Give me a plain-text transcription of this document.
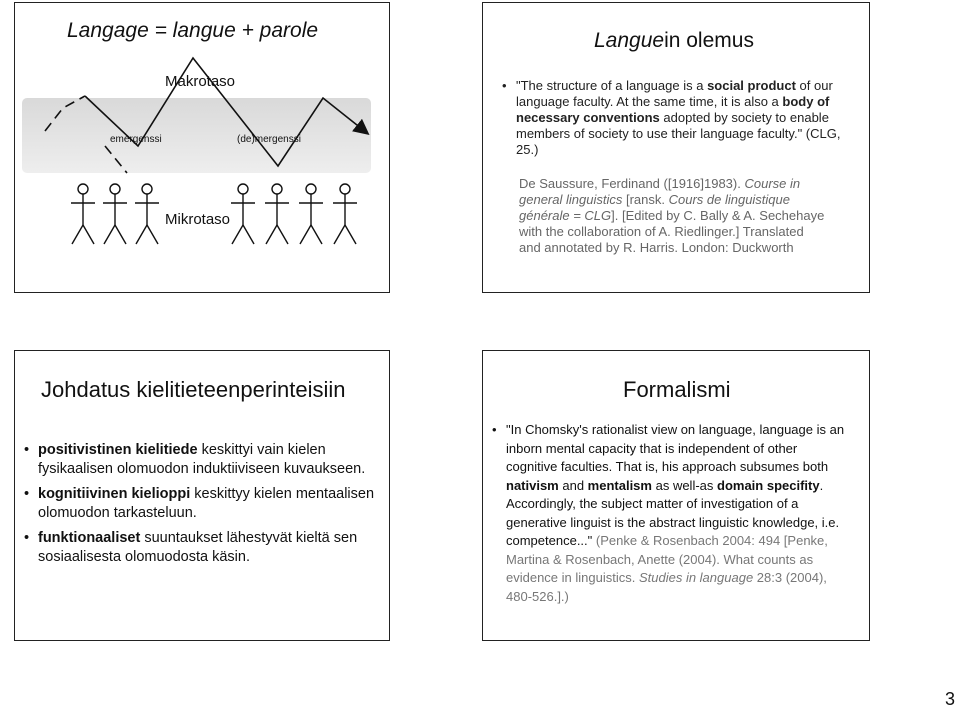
Langage = langue + parole
Makrotaso
emergenssi	(de)mergenssi
Mikrotaso
Languein olemus
• "The structure of a language is a social product of our language faculty. At the same time, it is also a body of necessary conventions adopted by society to enable members of society to use their language faculty." (CLG, 25.)
De Saussure, Ferdinand ([1916]1983). Course in general linguistics [ransk. Cours de linguistique générale = CLG]. [Edited by C. Bally & A. Sechehaye with the collaboration of A. Riedlinger.] Translated and annotated by R. Harris. London: Duckworth
Johdatus kielitieteenperinteisiin
• positivistinen kielitiede keskittyi vain kielen fysikaalisen olomuodon induktiiviseen kuvaukseen.
• kognitiivinen kielioppi keskittyy kielen mentaalisen olomuodon tarkasteluun.
• funktionaaliset suuntaukset lähestyvät kieltä sen sosiaalisesta olomuodosta käsin.
Formalismi
• "In Chomsky's rationalist view on language, language is an inborn mental capacity that is independent of other cognitive faculties. That is, his approach subsumes both nativism and mentalism as well-as domain specifity. Accordingly, the subject matter of investigation of a generative linguist is the abstract linguistic knowledge, i.e. competence..." (Penke & Rosenbach 2004: 494 [Penke, Martina & Rosenbach, Anette (2004). What counts as evidence in linguistics. Studies in language 28:3 (2004), 480-526.].)
3
